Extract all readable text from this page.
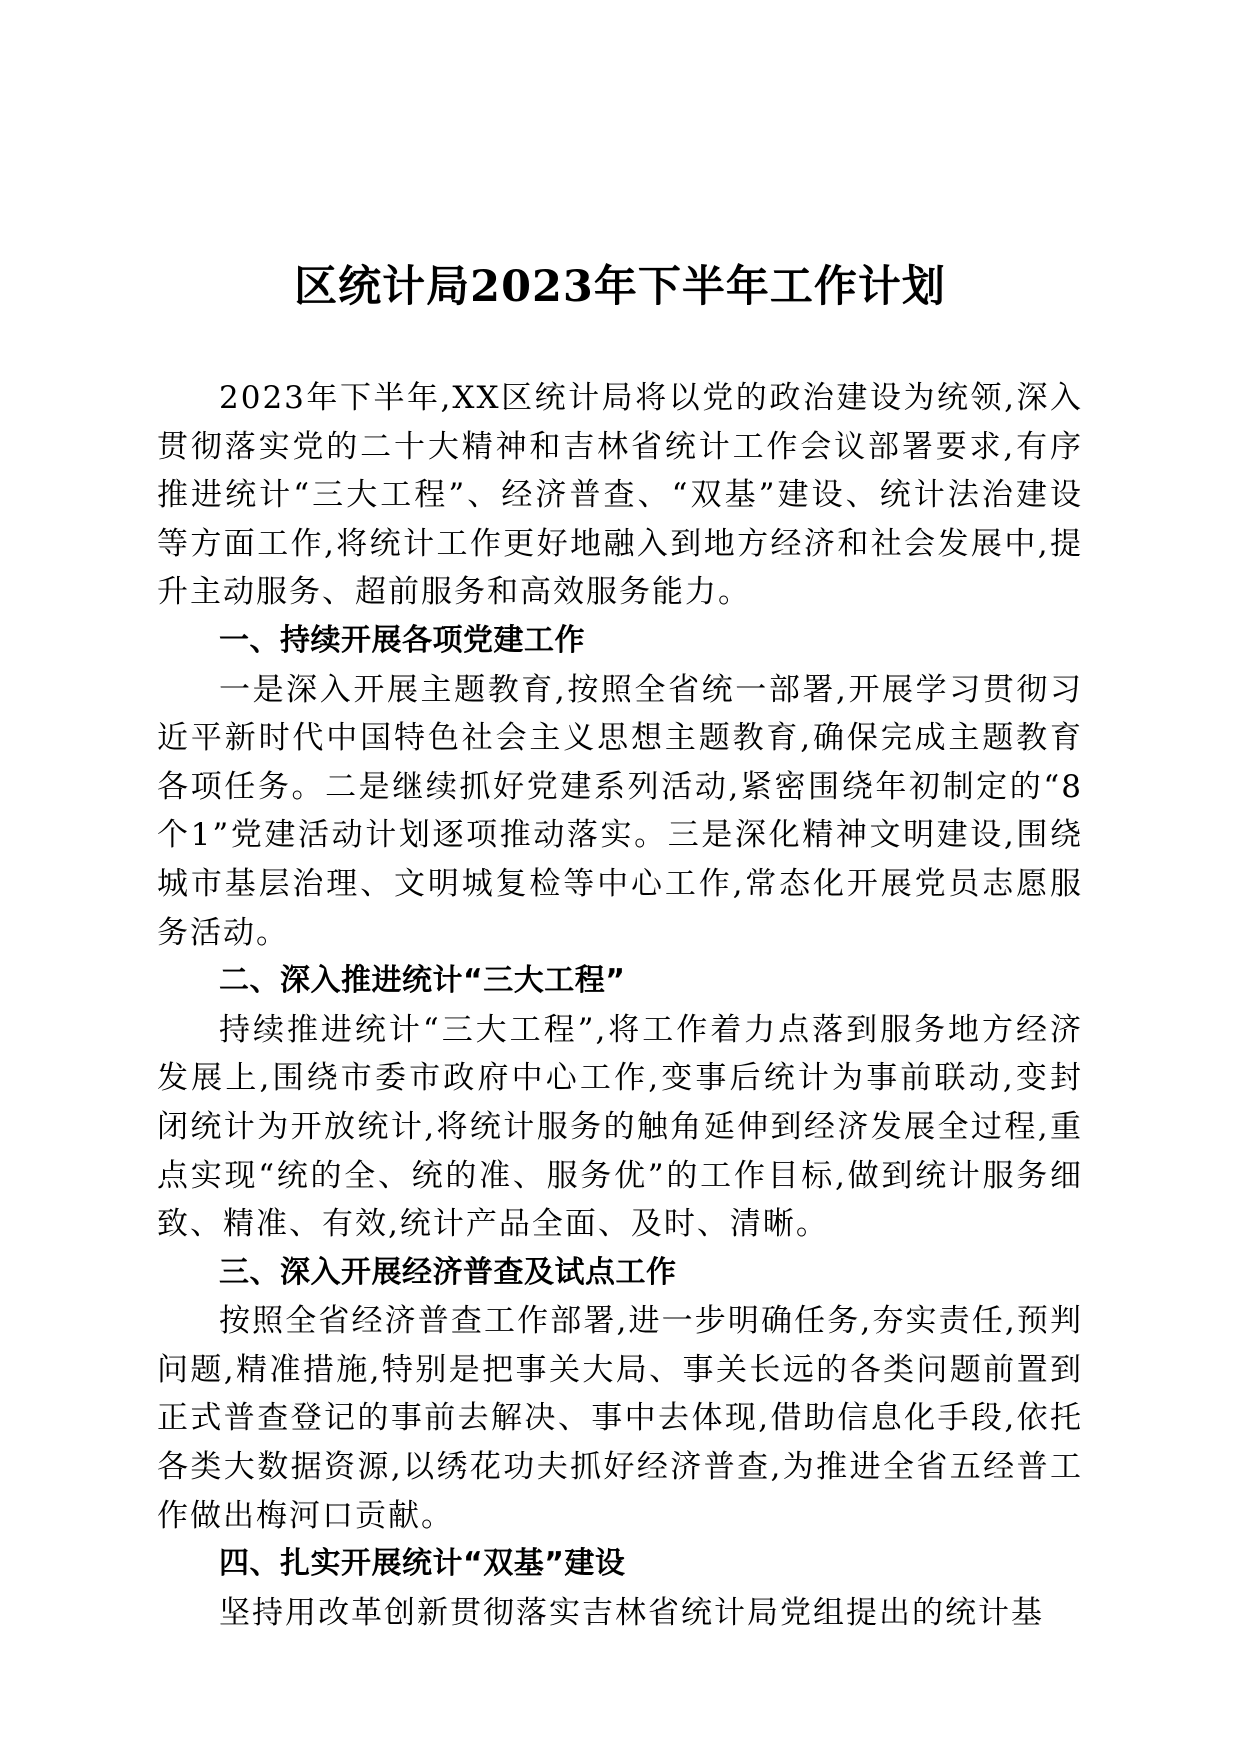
区统计局2023年下半年工作计划

2023年下半年,XX区统计局将以党的政治建设为统领,深入贯彻落实党的二十大精神和吉林省统计工作会议部署要求,有序推进统计“三大工程”、经济普查、“双基”建设、统计法治建设等方面工作,将统计工作更好地融入到地方经济和社会发展中,提升主动服务、超前服务和高效服务能力。

一、持续开展各项党建工作

一是深入开展主题教育,按照全省统一部署,开展学习贯彻习近平新时代中国特色社会主义思想主题教育,确保完成主题教育各项任务。二是继续抓好党建系列活动,紧密围绕年初制定的“8个1”党建活动计划逐项推动落实。三是深化精神文明建设,围绕城市基层治理、文明城复检等中心工作,常态化开展党员志愿服务活动。

二、深入推进统计“三大工程”

持续推进统计“三大工程”,将工作着力点落到服务地方经济发展上,围绕市委市政府中心工作,变事后统计为事前联动,变封闭统计为开放统计,将统计服务的触角延伸到经济发展全过程,重点实现“统的全、统的准、服务优”的工作目标,做到统计服务细致、精准、有效,统计产品全面、及时、清晰。

三、深入开展经济普查及试点工作

按照全省经济普查工作部署,进一步明确任务,夯实责任,预判问题,精准措施,特别是把事关大局、事关长远的各类问题前置到正式普查登记的事前去解决、事中去体现,借助信息化手段,依托各类大数据资源,以绣花功夫抓好经济普查,为推进全省五经普工作做出梅河口贡献。

四、扎实开展统计“双基”建设

坚持用改革创新贯彻落实吉林省统计局党组提出的统计基
